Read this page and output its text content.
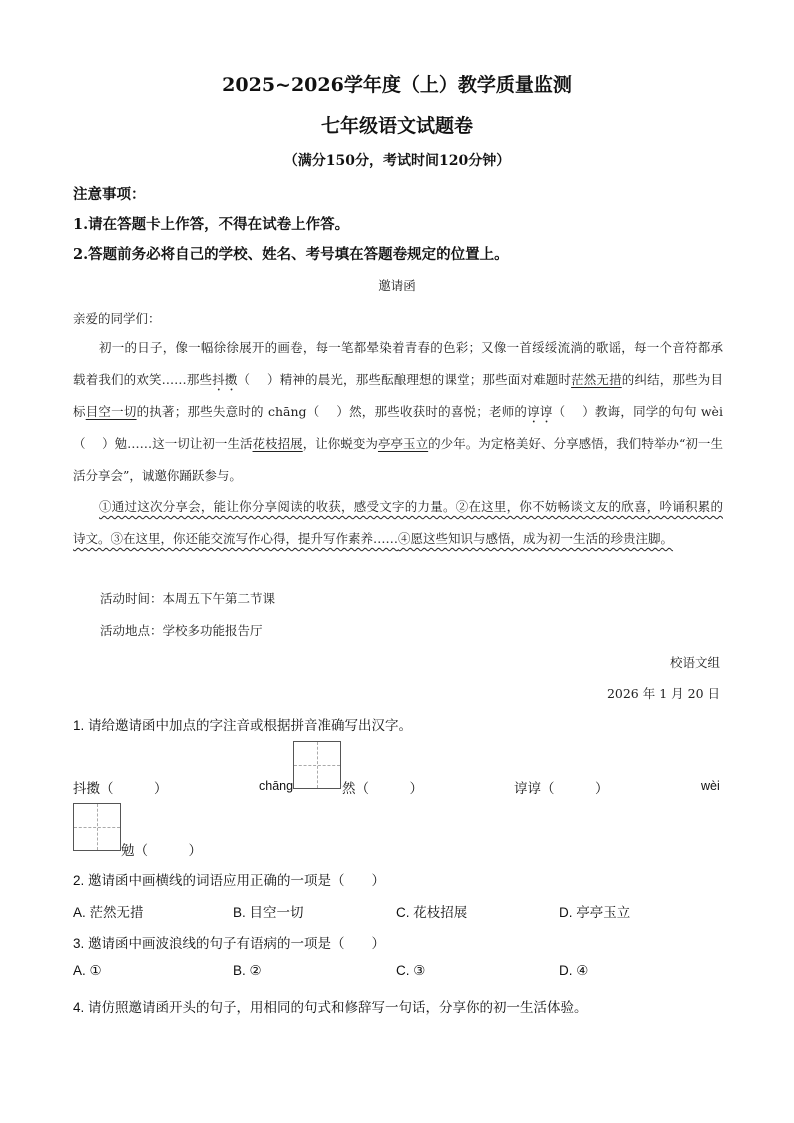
2025~2026学年度（上）教学质量监测
七年级语文试题卷
（满分150分，考试时间120分钟）
注意事项：
1.请在答题卡上作答，不得在试卷上作答。
2.答题前务必将自己的学校、姓名、考号填在答题卷规定的位置上。
邀请函
亲爱的同学们：
初一的日子，像一幅徐徐展开的画卷，每一笔都晕染着青春的色彩；又像一首绥绥流淌的歌谣，每一个音符都承载着我们的欢笑……那些抖擞（　 ）精神的晨光，那些酝酿理想的课堂；那些面对难题时茫然无措的纠结，那些为目标目空一切的执著；那些失意时的 chāng（　 ）然，那些收获时的喜悦；老师的谆谆（　 ）教诲，同学的句句 wèi（　 ）勉……这一切让初一生活花枝招展，让你蜕变为亭亭玉立的少年。为定格美好、分享感悟，我们特举办“初一生活分享会”，诚邀你踊跃参与。
①通过这次分享会，能让你分享阅读的收获，感受文字的力量。②在这里，你不妨畅谈文友的欣喜，吟诵积累的诗文。③在这里，你还能交流写作心得，提升写作素养……④愿这些知识与感悟，成为初一生活的珍贵注脚。
活动时间：本周五下午第二节课
活动地点：学校多功能报告厅
校语文组
2026 年 1 月 20 日
1. 请给邀请函中加点的字注音或根据拼音准确写出汉字。
抖擞（　　　）	chāng	然（　　　）	谆谆（　　　）	wèi
勉（　　　）
2. 邀请函中画横线的词语应用正确的一项是（　　）
A. 茫然无措	B. 目空一切	C. 花枝招展	D. 亭亭玉立
3. 邀请函中画波浪线的句子有语病的一项是（　　）
A. ①	B. ②	C. ③	D. ④
4. 请仿照邀请函开头的句子，用相同的句式和修辞写一句话，分享你的初一生活体验。
